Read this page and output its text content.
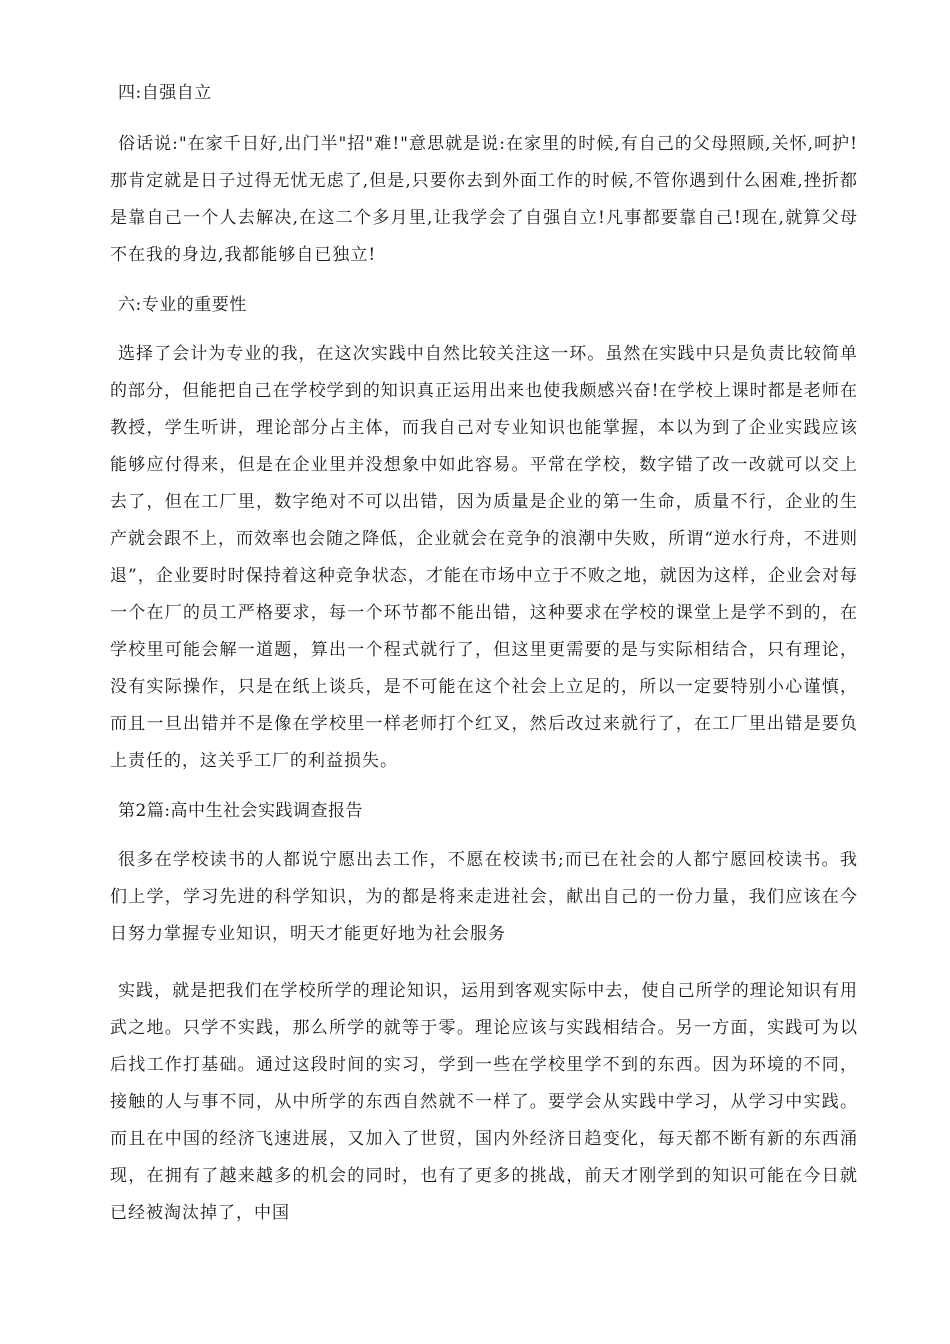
四:自强自立

俗话说:"在家千日好,出门半"招"难!"意思就是说:在家里的时候,有自己的父母照顾,关怀,呵护!那肯定就是日子过得无忧无虑了,但是,只要你去到外面工作的时候,不管你遇到什么困难,挫折都是靠自己一个人去解决,在这二个多月里,让我学会了自强自立!凡事都要靠自己!现在,就算父母不在我的身边,我都能够自已独立!

六:专业的重要性

选择了会计为专业的我，在这次实践中自然比较关注这一环。虽然在实践中只是负责比较简单的部分，但能把自己在学校学到的知识真正运用出来也使我颇感兴奋!在学校上课时都是老师在教授，学生听讲，理论部分占主体，而我自己对专业知识也能掌握，本以为到了企业实践应该能够应付得来，但是在企业里并没想象中如此容易。平常在学校，数字错了改一改就可以交上去了，但在工厂里，数字绝对不可以出错，因为质量是企业的第一生命，质量不行，企业的生产就会跟不上，而效率也会随之降低，企业就会在竞争的浪潮中失败，所谓“逆水行舟，不进则退”，企业要时时保持着这种竞争状态，才能在市场中立于不败之地，就因为这样，企业会对每一个在厂的员工严格要求，每一个环节都不能出错，这种要求在学校的课堂上是学不到的，在学校里可能会解一道题，算出一个程式就行了，但这里更需要的是与实际相结合，只有理论，没有实际操作，只是在纸上谈兵，是不可能在这个社会上立足的，所以一定要特别小心谨慎，而且一旦出错并不是像在学校里一样老师打个红叉，然后改过来就行了，在工厂里出错是要负上责任的，这关乎工厂的利益损失。

第2篇:高中生社会实践调查报告

很多在学校读书的人都说宁愿出去工作，不愿在校读书;而已在社会的人都宁愿回校读书。我们上学，学习先进的科学知识，为的都是将来走进社会，献出自己的一份力量，我们应该在今日努力掌握专业知识，明天才能更好地为社会服务

实践，就是把我们在学校所学的理论知识，运用到客观实际中去，使自己所学的理论知识有用武之地。只学不实践，那么所学的就等于零。理论应该与实践相结合。另一方面，实践可为以后找工作打基础。通过这段时间的实习，学到一些在学校里学不到的东西。因为环境的不同，接触的人与事不同，从中所学的东西自然就不一样了。要学会从实践中学习，从学习中实践。而且在中国的经济飞速进展，又加入了世贸，国内外经济日趋变化，每天都不断有新的东西涌现，在拥有了越来越多的机会的同时，也有了更多的挑战，前天才刚学到的知识可能在今日就已经被淘汰掉了，中国
